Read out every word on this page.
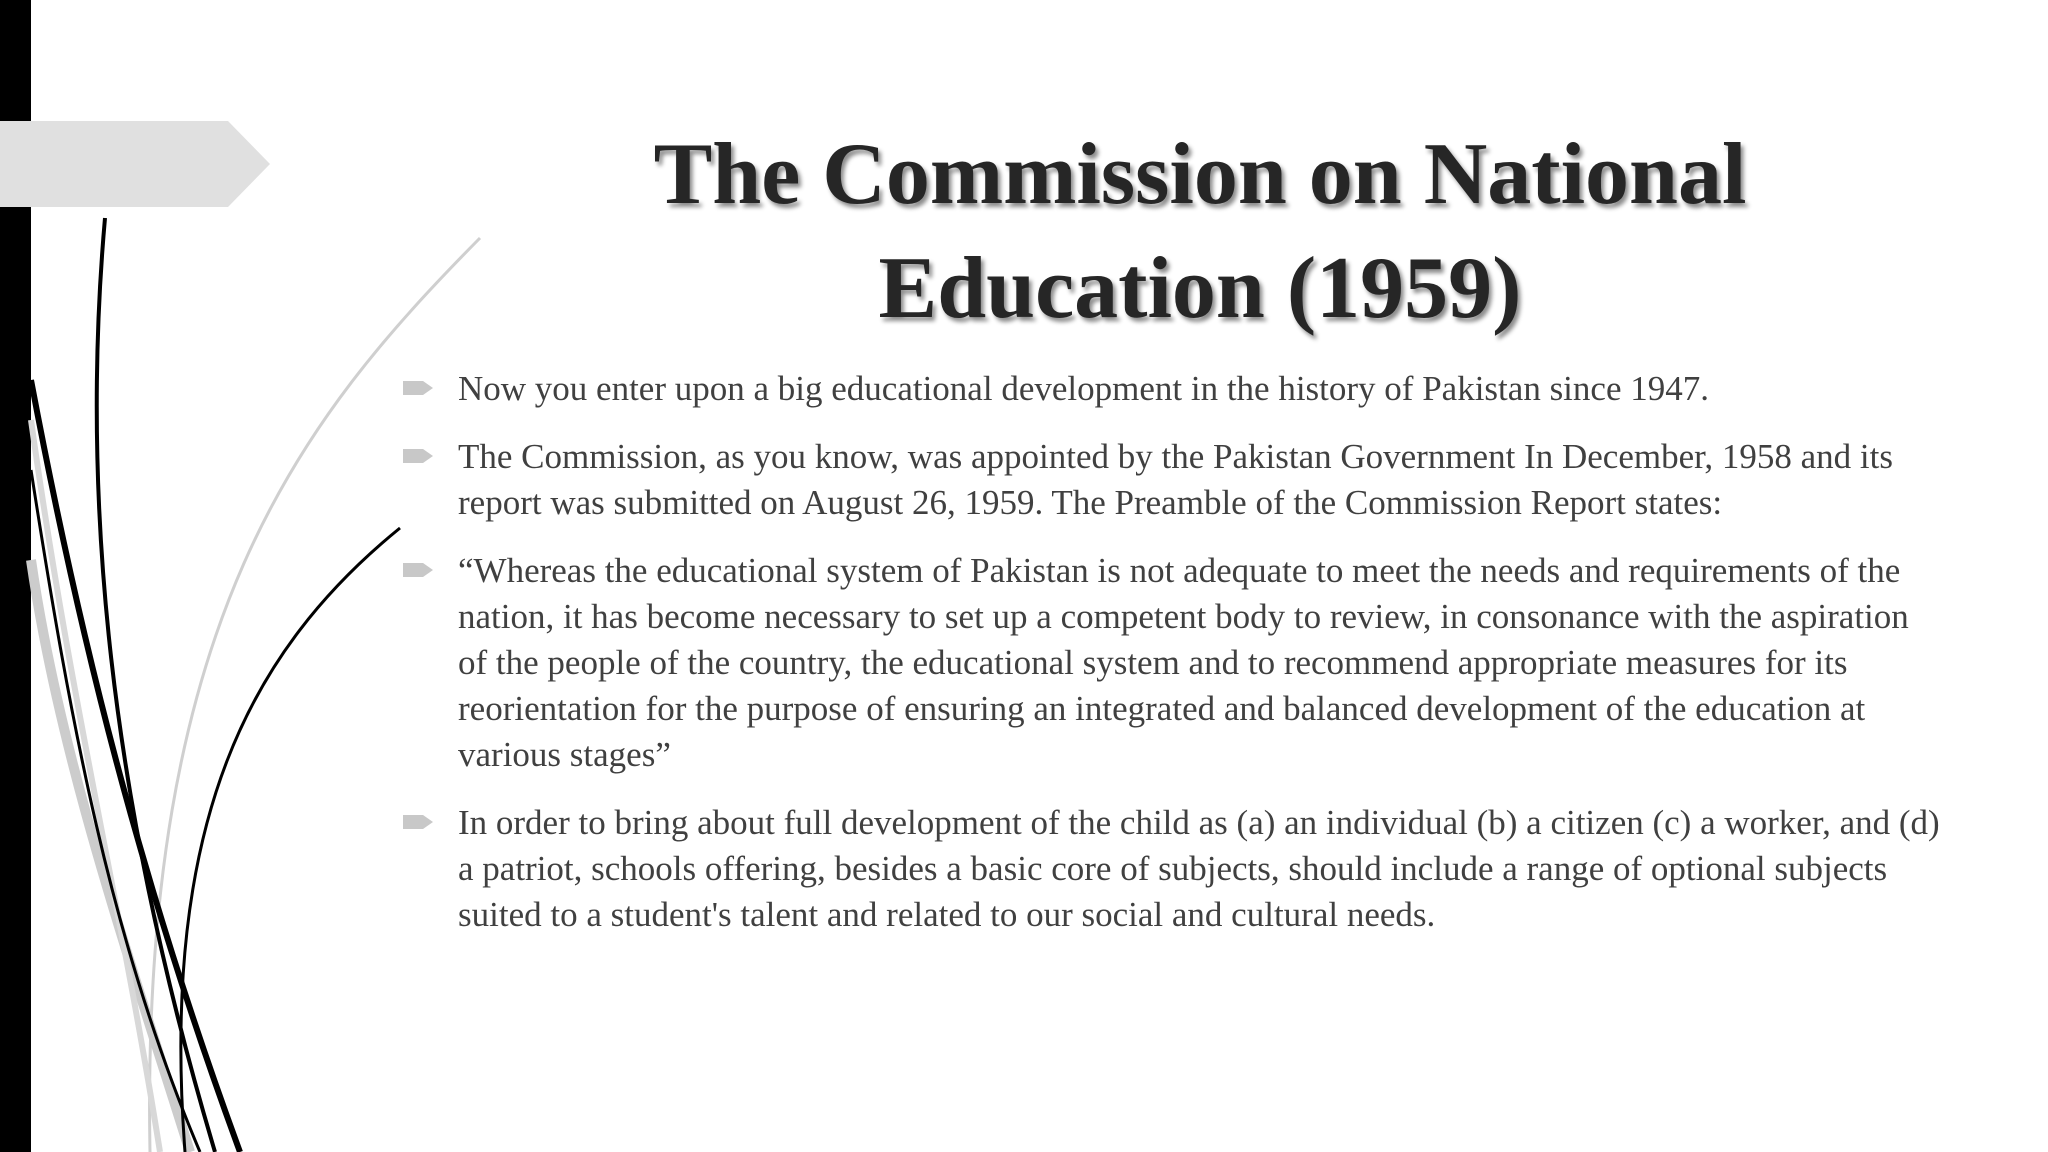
The Commission on National
Education (1959)
Now you enter upon a big educational development in the history of Pakistan since 1947.
The Commission, as you know, was appointed by the Pakistan Government In December, 1958 and its report was submitted on August 26, 1959. The Preamble of the Commission Report states:
“Whereas the educational system of Pakistan is not adequate to meet the needs and requirements of the nation, it has become necessary to set up a competent body to review, in consonance with the aspiration of the people of the country, the educational system and to recommend appropriate measures for its reorientation for the purpose of ensuring an integrated and balanced development of the education at various stages”
In order to bring about full development of the child as (a) an individual (b) a citizen (c) a worker, and (d) a patriot, schools offering, besides a basic core of subjects, should include a range of optional subjects suited to a student's talent and related to our social and cultural needs.
